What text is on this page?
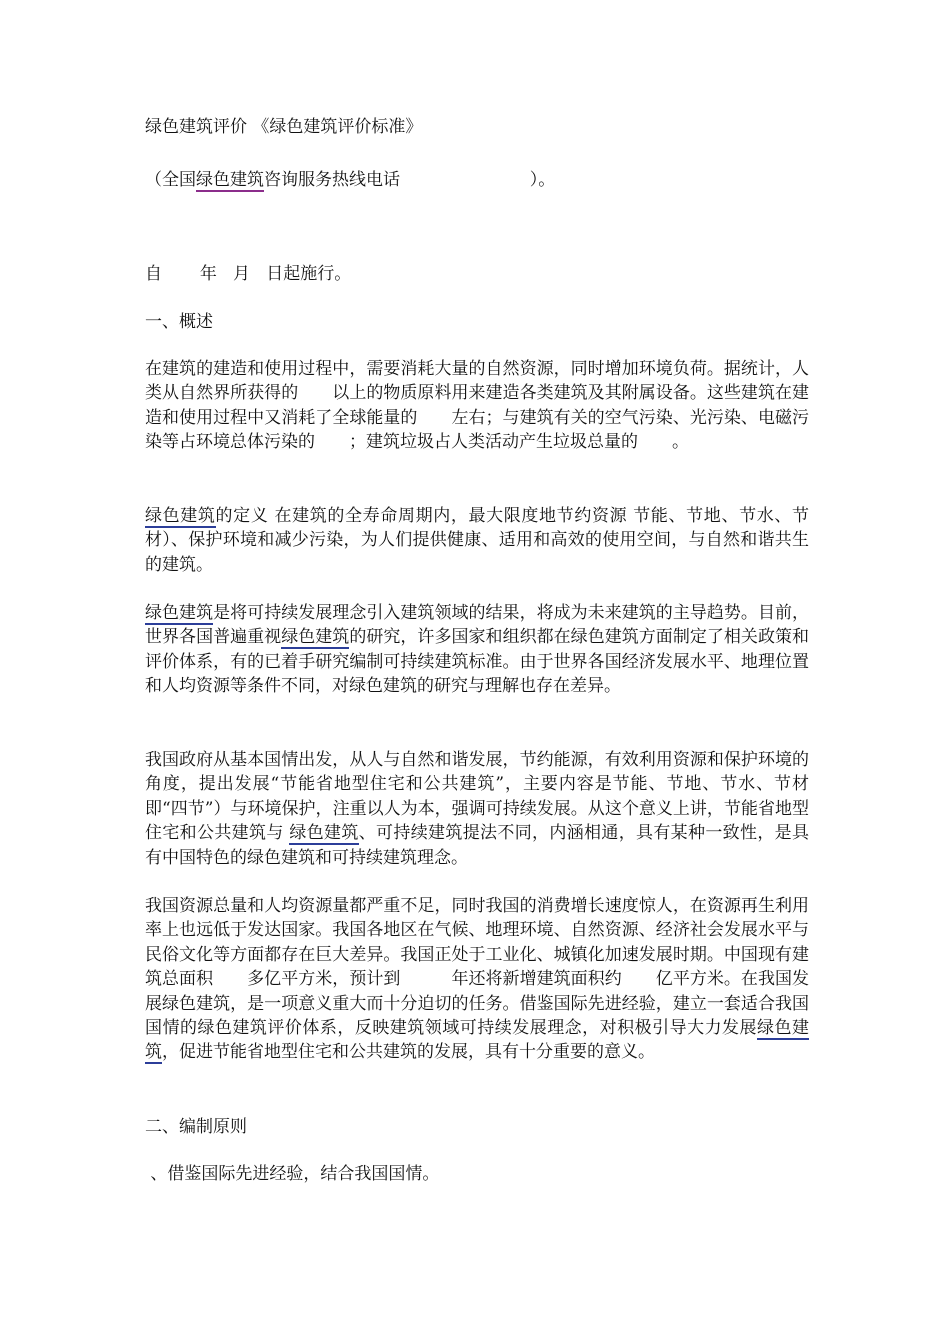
绿色建筑评价 《绿色建筑评价标准》
（全国绿色建筑咨询服务热线电话	）。
自       年   月   日起施行。
一、概述
在建筑的建造和使用过程中，需要消耗大量的自然资源，同时增加环境负荷。据统计，人类从自然界所获得的　　以上的物质原料用来建造各类建筑及其附属设备。这些建筑在建造和使用过程中又消耗了全球能量的　　左右；与建筑有关的空气污染、光污染、电磁污染等占环境总体污染的　　；建筑垃圾占人类活动产生垃圾总量的　　。
绿色建筑的定义 在建筑的全寿命周期内，最大限度地节约资源 节能、节地、节水、节材）、保护环境和减少污染，为人们提供健康、适用和高效的使用空间，与自然和谐共生的建筑。
绿色建筑是将可持续发展理念引入建筑领域的结果，将成为未来建筑的主导趋势。目前，世界各国普遍重视绿色建筑的研究，许多国家和组织都在绿色建筑方面制定了相关政策和评价体系，有的已着手研究编制可持续建筑标准。由于世界各国经济发展水平、地理位置和人均资源等条件不同，对绿色建筑的研究与理解也存在差异。
我国政府从基本国情出发，从人与自然和谐发展，节约能源，有效利用资源和保护环境的角度，提出发展“节能省地型住宅和公共建筑”，主要内容是节能、节地、节水、节材 即“四节”）与环境保护，注重以人为本，强调可持续发展。从这个意义上讲，节能省地型住宅和公共建筑与 绿色建筑、可持续建筑提法不同，内涵相通，具有某种一致性，是具有中国特色的绿色建筑和可持续建筑理念。
我国资源总量和人均资源量都严重不足，同时我国的消费增长速度惊人，在资源再生利用率上也远低于发达国家。我国各地区在气候、地理环境、自然资源、经济社会发展水平与民俗文化等方面都存在巨大差异。我国正处于工业化、城镇化加速发展时期。中国现有建筑总面积　　多亿平方米，预计到　　　年还将新增建筑面积约　　亿平方米。在我国发展绿色建筑，是一项意义重大而十分迫切的任务。借鉴国际先进经验，建立一套适合我国国情的绿色建筑评价体系，反映建筑领域可持续发展理念，对积极引导大力发展绿色建筑，促进节能省地型住宅和公共建筑的发展，具有十分重要的意义。
二、编制原则
、借鉴国际先进经验，结合我国国情。
